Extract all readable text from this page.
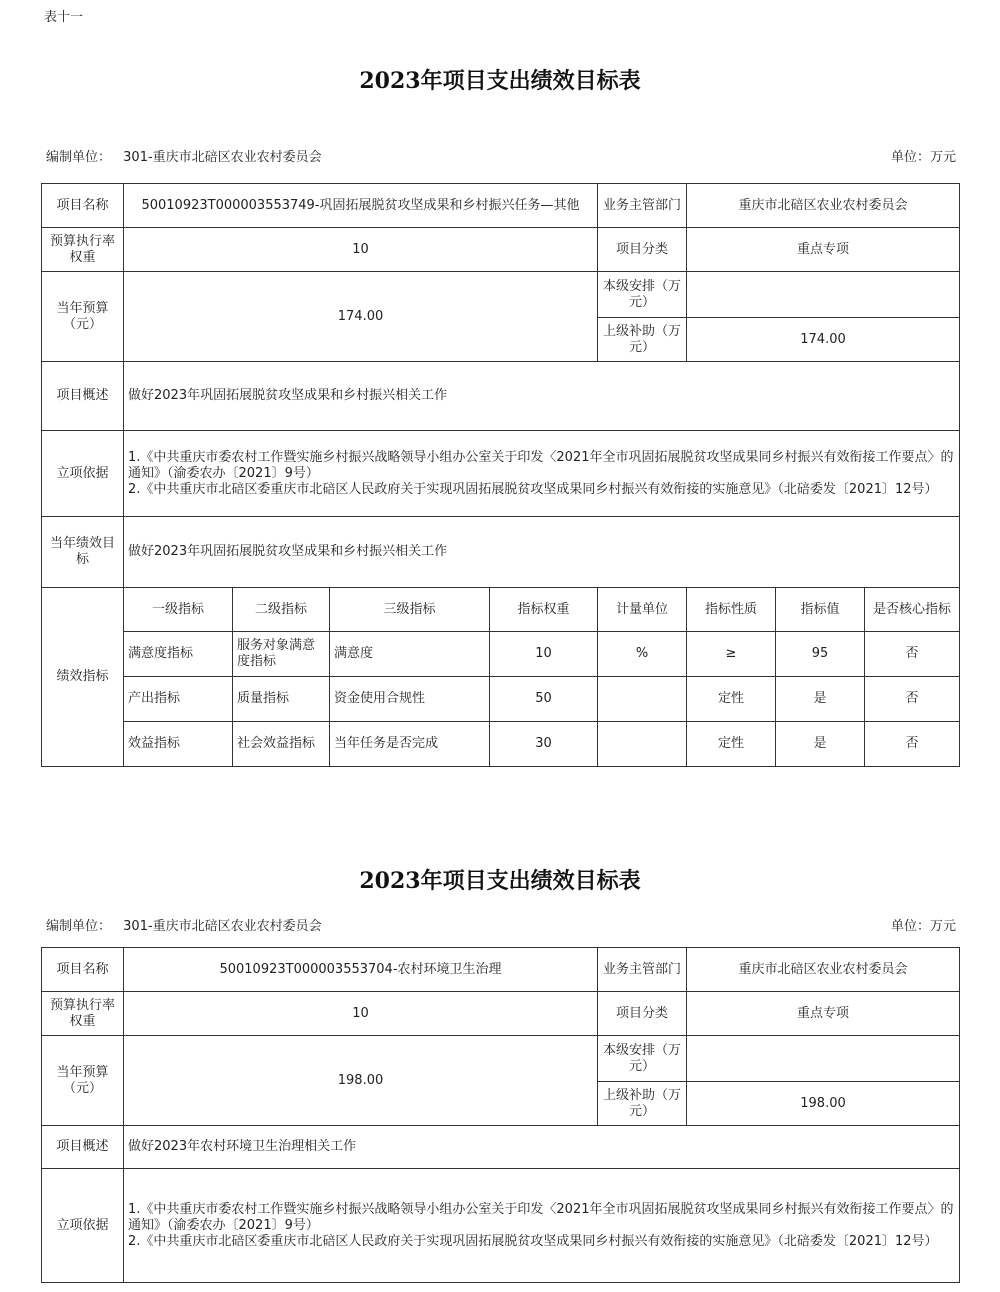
表十一
2023年项目支出绩效目标表
编制单位： 301-重庆市北碚区农业农村委员会	单位：万元
项目名称	50010923T000003553749-巩固拓展脱贫攻坚成果和乡村振兴任务—其他				业务主管部门	重庆市北碚区农业农村委员会		
预算执行率权重	10				项目分类	重点专项		
当年预算（元）	174.00				本级安排（万元）			
					上级补助（万元）	174.00		
项目概述	做好2023年巩固拓展脱贫攻坚成果和乡村振兴相关工作							
立项依据	1.《中共重庆市委农村工作暨实施乡村振兴战略领导小组办公室关于印发〈2021年全市巩固拓展脱贫攻坚成果同乡村振兴有效衔接工作要点〉的通知》（渝委农办〔2021〕9号）
2.《中共重庆市北碚区委重庆市北碚区人民政府关于实现巩固拓展脱贫攻坚成果同乡村振兴有效衔接的实施意见》（北碚委发〔2021〕12号）							

当年绩效目标	做好2023年巩固拓展脱贫攻坚成果和乡村振兴相关工作							
绩效指标	一级指标	二级指标	三级指标	指标权重	计量单位	指标性质	指标值	是否核心指标
	满意度指标	服务对象满意度指标	满意度	10	%	≥	95	否
	产出指标	质量指标	资金使用合规性	50		定性	是	否
	效益指标	社会效益指标	当年任务是否完成	30		定性	是	否
2023年项目支出绩效目标表
编制单位： 301-重庆市北碚区农业农村委员会	单位：万元
项目名称	50010923T000003553704-农村环境卫生治理	业务主管部门	重庆市北碚区农业农村委员会
预算执行率权重	10	项目分类	重点专项
当年预算（元）	198.00	本级安排（万元）	
		上级补助（万元）	198.00
项目概述	做好2023年农村环境卫生治理相关工作		
立项依据	1.《中共重庆市委农村工作暨实施乡村振兴战略领导小组办公室关于印发〈2021年全市巩固拓展脱贫攻坚成果同乡村振兴有效衔接工作要点〉的通知》（渝委农办〔2021〕9号）
2.《中共重庆市北碚区委重庆市北碚区人民政府关于实现巩固拓展脱贫攻坚成果同乡村振兴有效衔接的实施意见》（北碚委发〔2021〕12号）		
